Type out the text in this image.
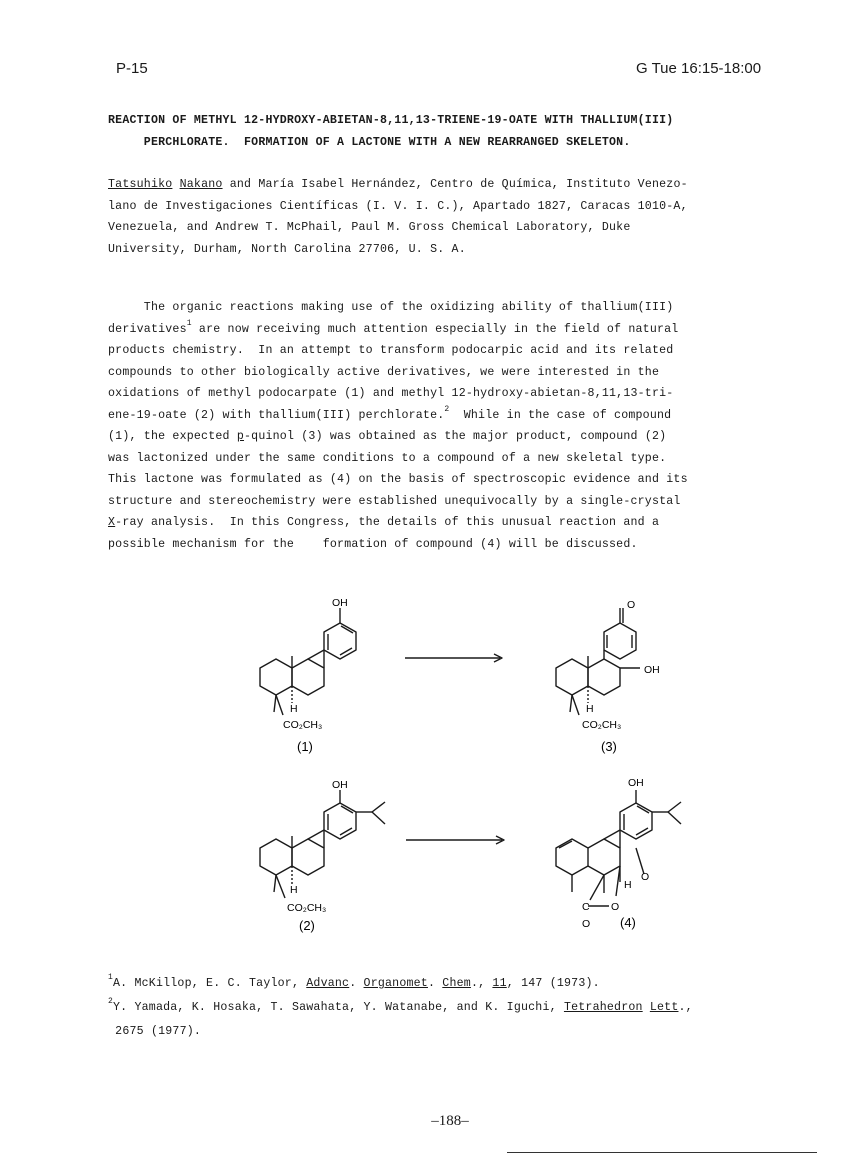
P-15	G Tue 16:15-18:00
REACTION OF METHYL 12-HYDROXY-ABIETAN-8,11,13-TRIENE-19-OATE WITH THALLIUM(III)
PERCHLORATE.  FORMATION OF A LACTONE WITH A NEW REARRANGED SKELETON.
Tatsuhiko Nakano and María Isabel Hernández, Centro de Química, Instituto Venezo-
lano de Investigaciones Científicas (I. V. I. C.), Apartado 1827, Caracas 1010-A,
Venezuela, and Andrew T. McPhail, Paul M. Gross Chemical Laboratory, Duke
University, Durham, North Carolina 27706, U. S. A.
The organic reactions making use of the oxidizing ability of thallium(III)
derivatives$^1$ are now receiving much attention especially in the field of natural
products chemistry.  In an attempt to transform podocarpic acid and its related
compounds to other biologically active derivatives, we were interested in the
oxidations of methyl podocarpate (1) and methyl 12-hydroxy-abietan-8,11,13-tri-
ene-19-oate (2) with thallium(III) perchlorate.$^2$  While in the case of compound
(1), the expected p-quinol (3) was obtained as the major product, compound (2)
was lactonized under the same conditions to a compound of a new skeletal type.
This lactone was formulated as (4) on the basis of spectroscopic evidence and its
structure and stereochemistry were established unequivocally by a single-crystal
X-ray analysis.  In this Congress, the details of this unusual reaction and a
possible mechanism for the    formation of compound (4) will be discussed.
OH
H
CO₂CH₃
(1)
O
OH
H
CO₂CH₃
(3)
OH
H
CO₂CH₃
(2)
OH
O
H
C O
O (4)
$^1$A. McKillop, E. C. Taylor, Advanc. Organomet. Chem., 11, 147 (1973).
$^2$Y. Yamada, K. Hosaka, T. Sawahata, Y. Watanabe, and K. Iguchi, Tetrahedron Lett.,
2675 (1977).
–188–
